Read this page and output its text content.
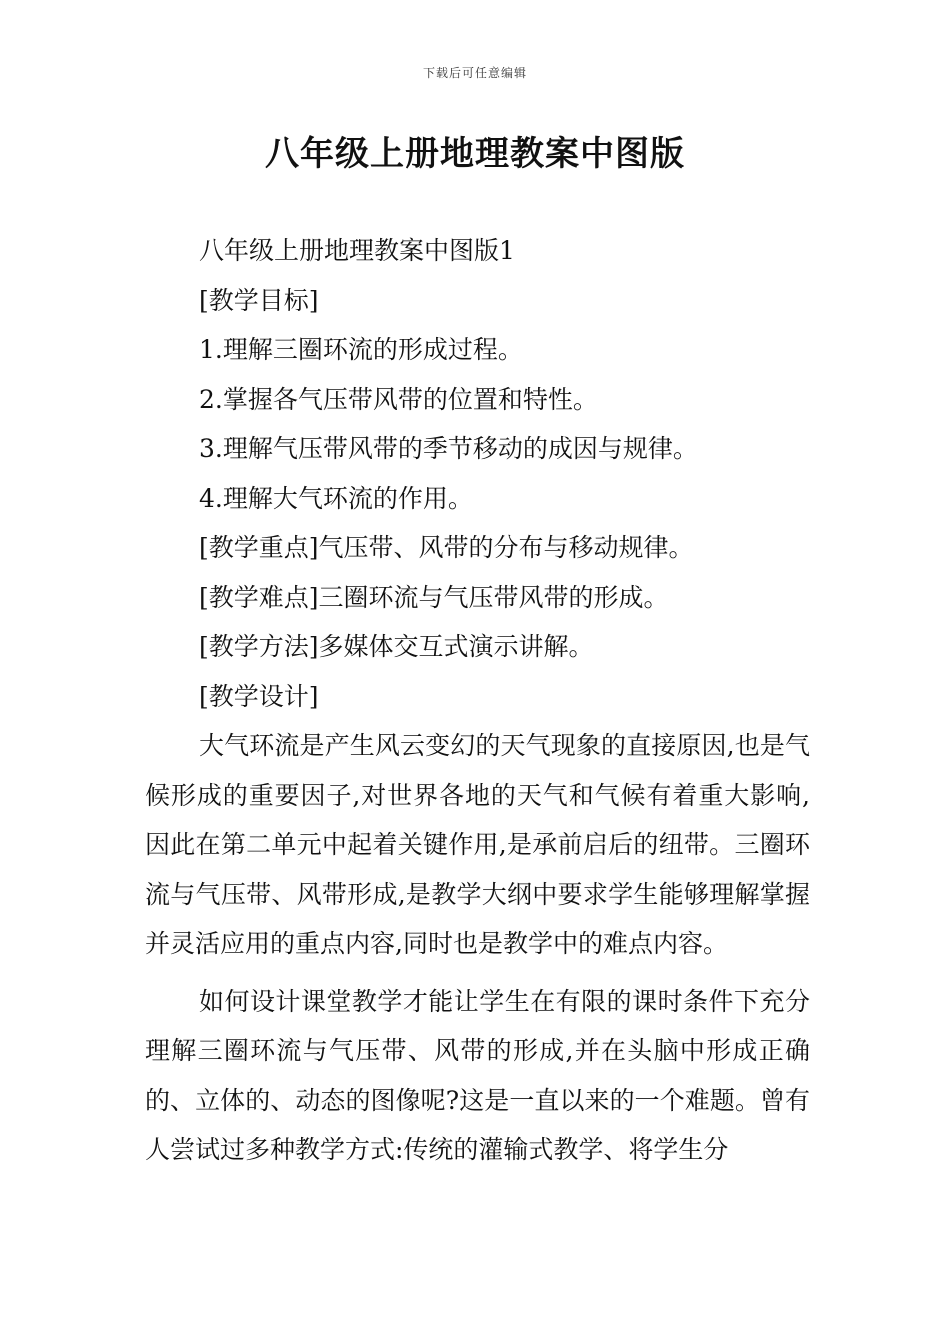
下载后可任意编辑
八年级上册地理教案中图版
八年级上册地理教案中图版1
[教学目标]
1.理解三圈环流的形成过程。
2.掌握各气压带风带的位置和特性。
3.理解气压带风带的季节移动的成因与规律。
4.理解大气环流的作用。
[教学重点]气压带、风带的分布与移动规律。
[教学难点]三圈环流与气压带风带的形成。
[教学方法]多媒体交互式演示讲解。
[教学设计]

大气环流是产生风云变幻的天气现象的直接原因,也是气候形成的重要因子,对世界各地的天气和气候有着重大影响,因此在第二单元中起着关键作用,是承前启后的纽带。三圈环流与气压带、风带形成,是教学大纲中要求学生能够理解掌握并灵活应用的重点内容,同时也是教学中的难点内容。

如何设计课堂教学才能让学生在有限的课时条件下充分理解三圈环流与气压带、风带的形成,并在头脑中形成正确的、立体的、动态的图像呢?这是一直以来的一个难题。曾有人尝试过多种教学方式:传统的灌输式教学、将学生分
